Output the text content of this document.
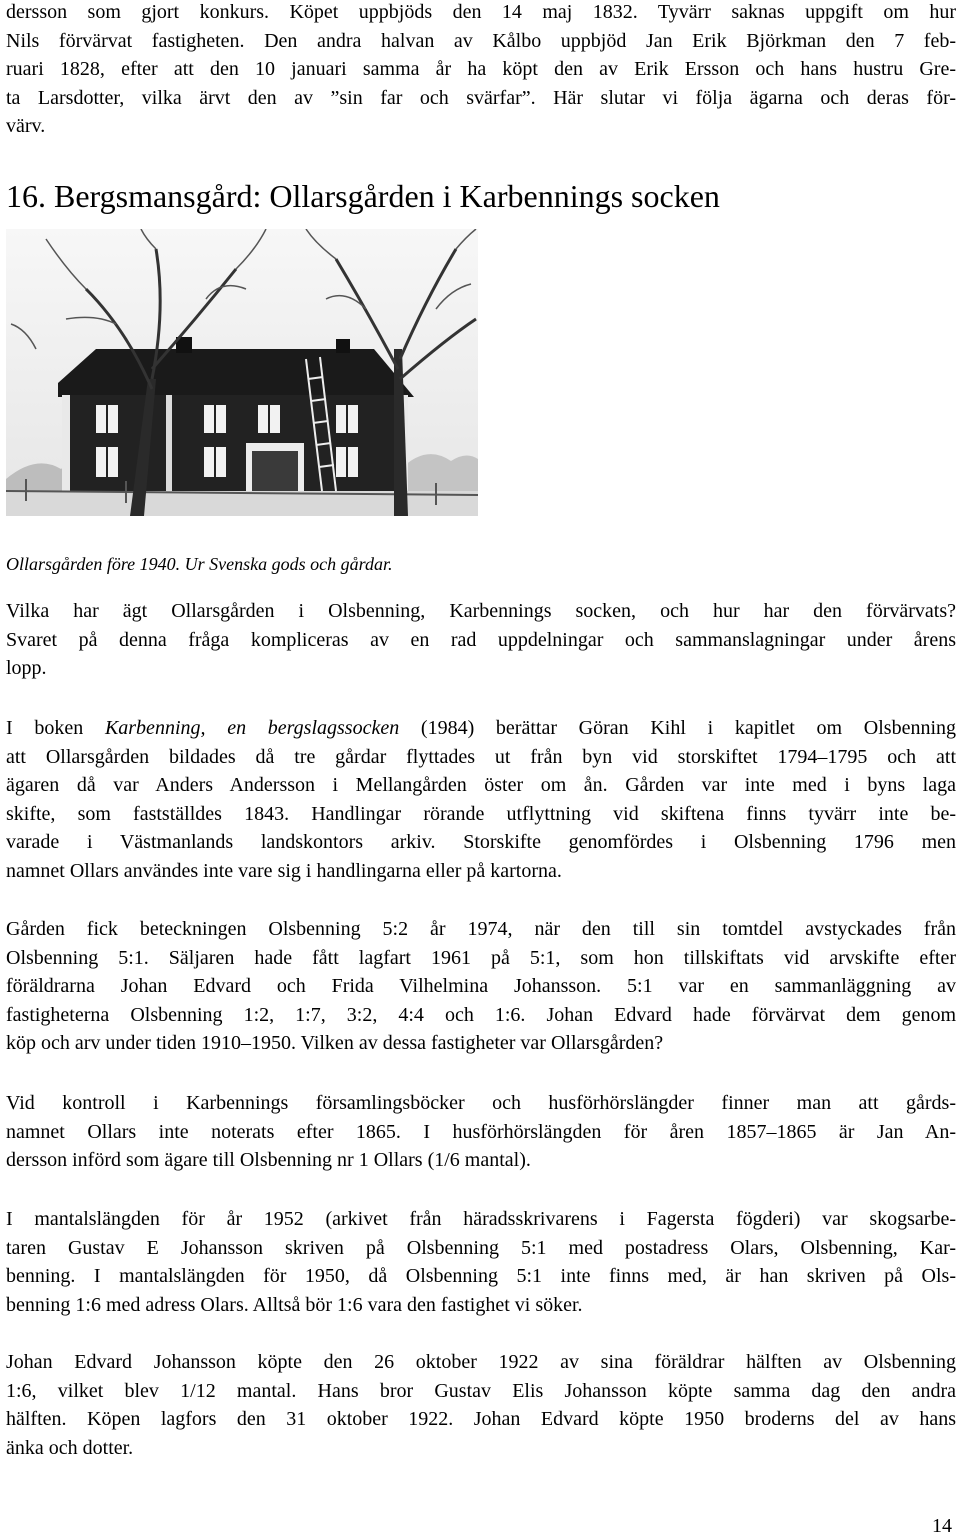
dersson som gjort konkurs. Köpet uppbjöds den 14 maj 1832. Tyvärr saknas uppgift om hur
Nils förvärvat fastigheten. Den andra halvan av Kålbo uppbjöd Jan Erik Björkman den 7 feb-
ruari 1828, efter att den 10 januari samma år ha köpt den av Erik Ersson och hans hustru Gre-
ta Larsdotter, vilka ärvt den av ”sin far och svärfar”. Här slutar vi följa ägarna och deras för-
värv.
16. Bergsmansgård: Ollarsgården i Karbennings socken
Ollarsgården före 1940. Ur Svenska gods och gårdar.
Vilka har ägt Ollarsgården i Olsbenning, Karbennings socken, och hur har den förvärvats?
Svaret på denna fråga kompliceras av en rad uppdelningar och sammanslagningar under årens
lopp.
I boken Karbenning, en bergslagssocken (1984) berättar Göran Kihl i kapitlet om Olsbenning
att Ollarsgården bildades då tre gårdar flyttades ut från byn vid storskiftet 1794–1795 och att
ägaren då var Anders Andersson i Mellangården öster om ån. Gården var inte med i byns laga
skifte, som fastställdes 1843. Handlingar rörande utflyttning vid skiftena finns tyvärr inte be-
varade i Västmanlands landskontors arkiv. Storskifte genomfördes i Olsbenning 1796 men
namnet Ollars användes inte vare sig i handlingarna eller på kartorna.
Gården fick beteckningen Olsbenning 5:2 år 1974, när den till sin tomtdel avstyckades från
Olsbenning 5:1. Säljaren hade fått lagfart 1961 på 5:1, som hon tillskiftats vid arvskifte efter
föräldrarna Johan Edvard och Frida Vilhelmina Johansson. 5:1 var en sammanläggning av
fastigheterna Olsbenning 1:2, 1:7, 3:2, 4:4 och 1:6. Johan Edvard hade förvärvat dem genom
köp och arv under tiden 1910–1950. Vilken av dessa fastigheter var Ollarsgården?
Vid kontroll i Karbennings församlingsböcker och husförhörslängder finner man att gårds-
namnet Ollars inte noterats efter 1865. I husförhörslängden för åren 1857–1865 är Jan An-
dersson införd som ägare till Olsbenning nr 1 Ollars (1/6 mantal).
I mantalslängden för år 1952 (arkivet från häradsskrivarens i Fagersta fögderi) var skogsarbe-
taren Gustav E Johansson skriven på Olsbenning 5:1 med postadress Olars, Olsbenning, Kar-
benning. I mantalslängden för 1950, då Olsbenning 5:1 inte finns med, är han skriven på Ols-
benning 1:6 med adress Olars. Alltså bör 1:6 vara den fastighet vi söker.
Johan Edvard Johansson köpte den 26 oktober 1922 av sina föräldrar hälften av Olsbenning
1:6, vilket blev 1/12 mantal. Hans bror Gustav Elis Johansson köpte samma dag den andra
hälften. Köpen lagfors den 31 oktober 1922. Johan Edvard köpte 1950 broderns del av hans
änka och dotter.
14
